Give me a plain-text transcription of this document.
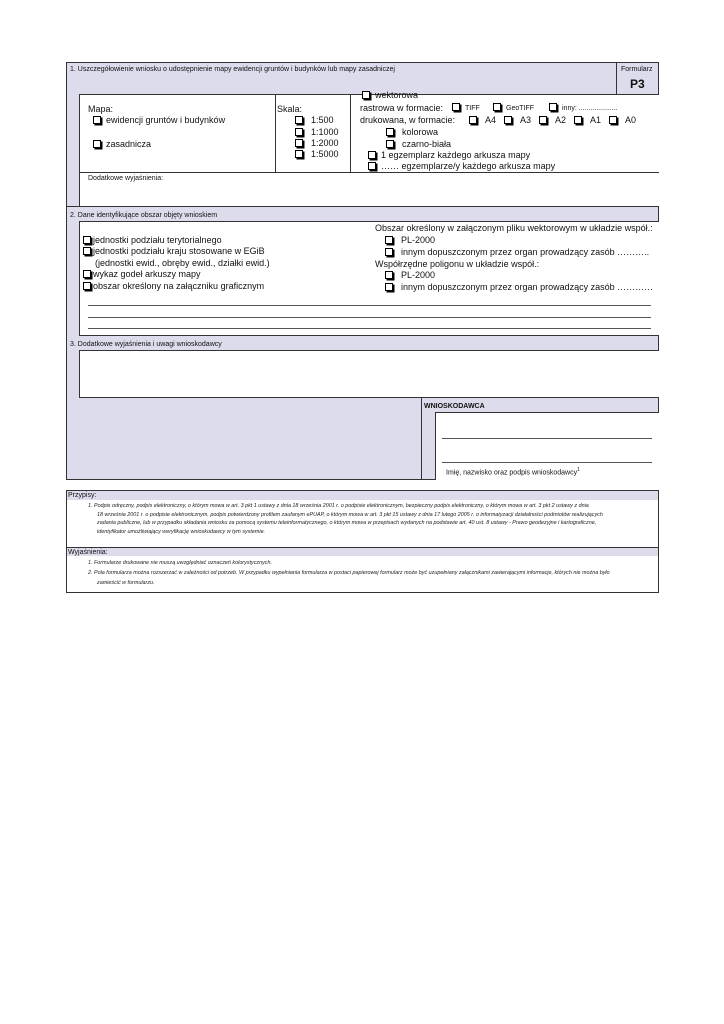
1. Uszczegółowienie wniosku o udostępnienie mapy ewidencji gruntów i budynków lub mapy zasadniczej	Formularz
P3
Mapa:
ewidencji gruntów i budynków
zasadnicza
Skala:
1:500
1:1000
1:2000
1:5000
wektorowa
rastrowa w formacie:	TIFF	GeoTIFF	inny: ....................
drukowana, w formacie:	A4	A3	A2	A1	A0
kolorowa
czarno-biała
1 egzemplarz każdego arkusza mapy
…… egzemplarze/y każdego arkusza mapy
Dodatkowe wyjaśnienia:
2. Dane identyfikujące obszar objęty wnioskiem
jednostki podziału terytorialnego
jednostki podziału kraju stosowane w EGiB
(jednostki ewid., obręby ewid., działki ewid.)
wykaz godeł arkuszy mapy
obszar określony na załączniku graficznym
Obszar określony w załączonym pliku wektorowym w układzie współ.:
PL-2000
innym dopuszczonym przez organ prowadzący zasób ………..
Współrzędne poligonu w układzie współ.:
PL-2000
innym dopuszczonym przez organ prowadzący zasób …………
3. Dodatkowe wyjaśnienia i uwagi wnioskodawcy
WNIOSKODAWCA
Imię, nazwisko oraz podpis wnioskodawcy$^1$
Przypisy:
1. Podpis odręczny, podpis elektroniczny, o którym mowa w art. 3 pkt 1 ustawy z dnia 18 września 2001 r. o podpisie elektronicznym, bezpieczny podpis elektroniczny, o którym mowa w art. 3 pkt 2 ustawy z dnia
18 września 2001 r. o podpisie elektronicznym, podpis potwierdzony profilem zaufanym ePUAP, o którym mowa w art. 3 pkt 15 ustawy z dnia 17 lutego 2005 r. o informatyzacji działalności podmiotów realizujących
zadania publiczne, lub w przypadku składania wniosku za pomocą systemu teleinformatycznego, o którym mowa w przepisach wydanych na podstawie art. 40 ust. 8 ustawy - Prawo geodezyjne i kartograficzne,
identyfikator umożliwiający weryfikację wnioskodawcy w tym systemie.
Wyjaśnienia:
1. Formularze drukowane nie muszą uwzględniać oznaczeń kolorystycznych.
2. Pola formularza można rozszerzać w zależności od potrzeb. W przypadku wypełniania formularza w postaci papierowej formularz może być uzupełniany załącznikami zawierającymi informacje, których nie można było
zamieścić w formularzu.
